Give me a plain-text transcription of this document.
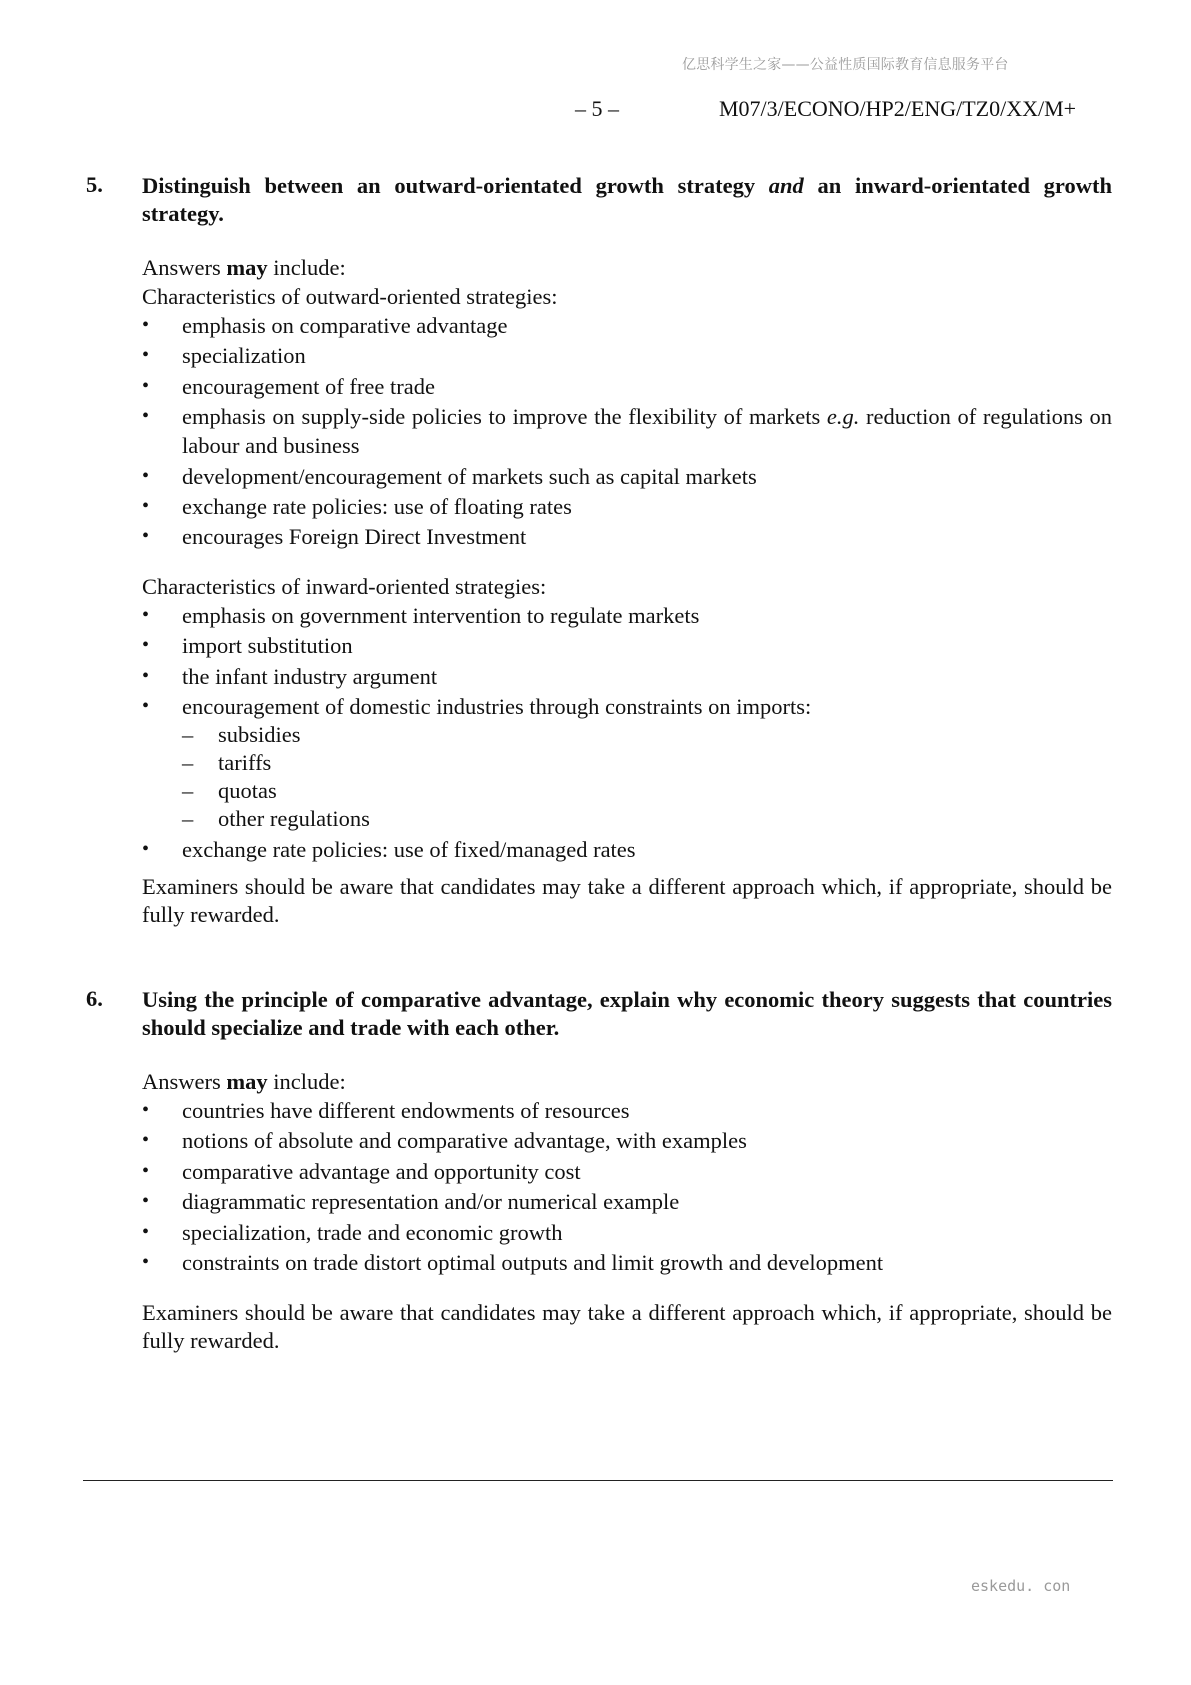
亿思科学生之家——公益性质国际教育信息服务平台
– 5 –	M07/3/ECONO/HP2/ENG/TZ0/XX/M+
5. Distinguish between an outward-orientated growth strategy and an inward-orientated growth strategy.
Answers may include:
Characteristics of outward-oriented strategies:
• emphasis on comparative advantage
• specialization
• encouragement of free trade
• emphasis on supply-side policies to improve the flexibility of markets e.g. reduction of regulations on labour and business
• development/encouragement of markets such as capital markets
• exchange rate policies: use of floating rates
• encourages Foreign Direct Investment
Characteristics of inward-oriented strategies:
• emphasis on government intervention to regulate markets
• import substitution
• the infant industry argument
• encouragement of domestic industries through constraints on imports:
– subsidies
– tariffs
– quotas
– other regulations
• exchange rate policies: use of fixed/managed rates
Examiners should be aware that candidates may take a different approach which, if appropriate, should be fully rewarded.
6. Using the principle of comparative advantage, explain why economic theory suggests that countries should specialize and trade with each other.
Answers may include:
• countries have different endowments of resources
• notions of absolute and comparative advantage, with examples
• comparative advantage and opportunity cost
• diagrammatic representation and/or numerical example
• specialization, trade and economic growth
• constraints on trade distort optimal outputs and limit growth and development
Examiners should be aware that candidates may take a different approach which, if appropriate, should be fully rewarded.
eskedu. con
